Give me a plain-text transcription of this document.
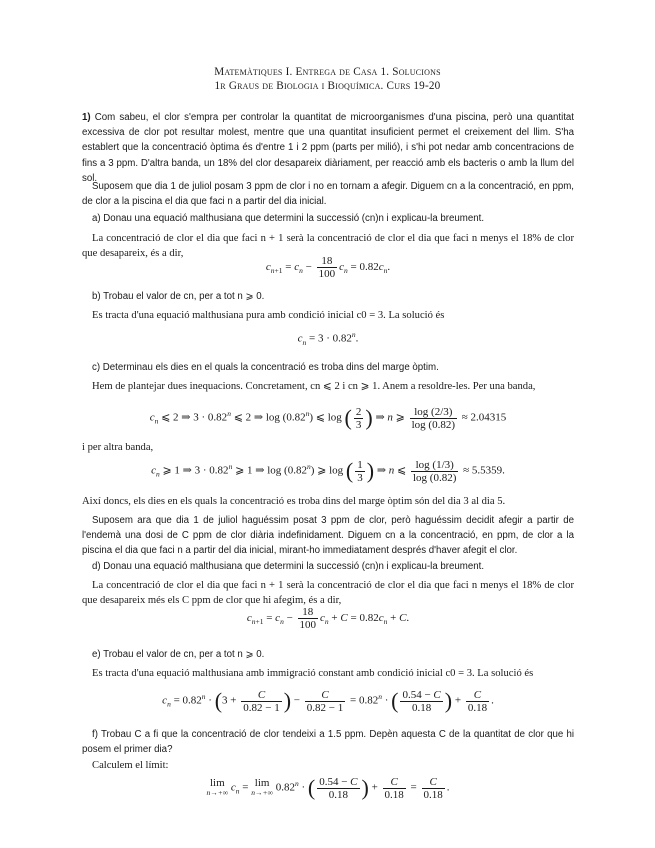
Matemàtiques I. Entrega de Casa 1. Solucions
1r Graus de Biologia i Bioquímica. Curs 19-20
1) Com sabeu, el clor s'empra per controlar la quantitat de microorganismes d'una piscina, però una quantitat excessiva de clor pot resultar molest, mentre que una quantitat insuficient permet el creixement del llim. S'ha establert que la concentració òptima és d'entre 1 i 2 ppm (parts per milió), i s'hi pot nedar amb concentracions de fins a 3 ppm. D'altra banda, un 18% del clor desapareix diàriament, per reacció amb els bacteris o amb la llum del sol.
Suposem que dia 1 de juliol posam 3 ppm de clor i no en tornam a afegir. Diguem cn a la concentració, en ppm, de clor a la piscina el dia que faci n a partir del dia inicial.
a) Donau una equació malthusiana que determini la successió (cn)n i explicau-la breument.
La concentració de clor el dia que faci n + 1 serà la concentració de clor el dia que faci n menys el 18% de clor que desapareix, és a dir,
$c_{n+1} = c_n - \frac{18}{100} c_n = 0.82c_n$.
b) Trobau el valor de cn, per a tot n ⩾ 0.
Es tracta d'una equació malthusiana pura amb condició inicial c0 = 3. La solució és
$c_n = 3 \cdot 0.82^n$.
c) Determinau els dies en el quals la concentració es troba dins del marge òptim.
Hem de plantejar dues inequacions. Concretament, cn ⩽ 2 i cn ⩾ 1. Anem a resoldre-les. Per una banda,
$c_n$ ⩽ 2 ⇒ $3 \cdot 0.82^n$ ⩽ 2 ⇒ log (0.82$^n$) ⩽ log ( $\frac{2}{3}$ ) ⇒ n ⩾ $\frac{\log (2/3)}{\log (0.82)} \approx 2.04315$
i per altra banda,
$c_n$ ⩾ 1 ⇒ $3 \cdot 0.82^n$ ⩾ 1 ⇒ log (0.82$^n$) ⩾ log ( $\frac{1}{3}$ ) ⇒ n ⩽ $\frac{\log (1/3)}{\log (0.82)} \approx 5.5359$.
Així doncs, els dies en els quals la concentració es troba dins del marge òptim són del dia 3 al dia 5.
Suposem ara que dia 1 de juliol haguéssim posat 3 ppm de clor, però haguéssim decidit afegir a partir de l'endemà una dosi de C ppm de clor diària indefinidament. Diguem cn a la concentració, en ppm, de clor a la piscina el dia que faci n a partir del dia inicial, mirant-ho immediatament després d'haver afegit el clor.
d) Donau una equació malthusiana que determini la successió (cn)n i explicau-la breument.
La concentració de clor el dia que faci n + 1 serà la concentració de clor el dia que faci n menys el 18% de clor que desapareix més els C ppm de clor que hi afegim, és a dir,
$c_{n+1} = c_n - \frac{18}{100} c_n + C = 0.82c_n + C$.
e) Trobau el valor de cn, per a tot n ⩾ 0.
Es tracta d'una equació malthusiana amb immigració constant amb condició inicial c0 = 3. La solució és
$c_n = 0.82^n \cdot (3 + \frac{C}{0.82 - 1}$ ) − $\frac{C}{0.82 - 1} = 0.82^n$ · ( $\frac{0.54 - C}{0.18}$ ) + $\frac{C}{0.18}$ .
f) Trobau C a fi que la concentració de clor tendeixi a 1.5 ppm. Depèn aquesta C de la quantitat de clor que hi posem el primer dia?
Calculem el límit:
lim
n→+∞ $c_n = \lim$
n→+∞ $0.82^n$ · ( $\frac{0.54 - C}{0.18}$ ) + $\frac{C}{0.18} = \frac{C}{0.18}$ .
